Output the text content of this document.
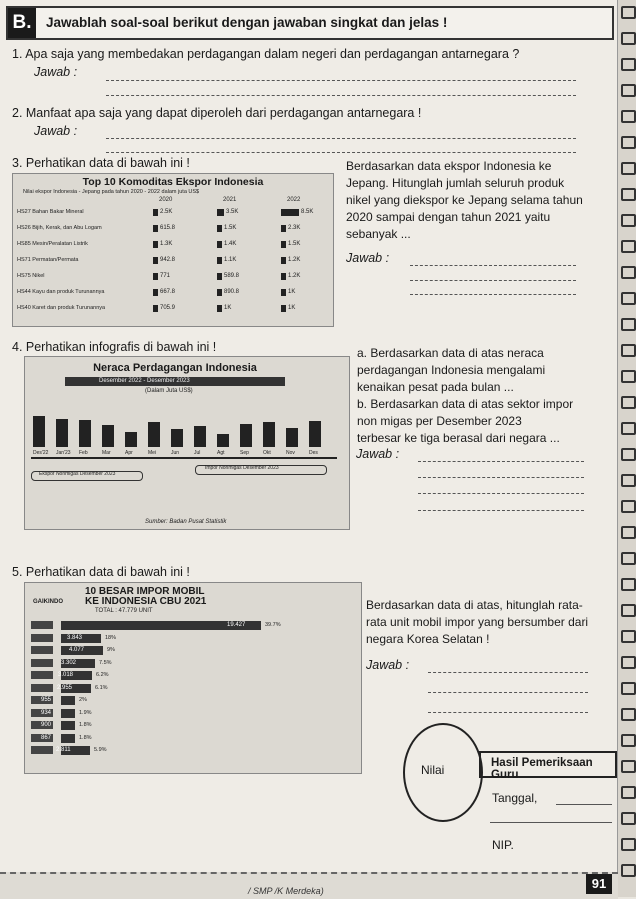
B.	Jawablah soal-soal berikut dengan jawaban singkat dan jelas !
1. Apa saja yang membedakan perdagangan dalam negeri dan perdagangan antarnegara ?
Jawab :
2. Manfaat apa saja yang dapat diperoleh dari perdagangan antarnegara !
Jawab :
3. Perhatikan data di bawah ini !
Top 10 Komoditas Ekspor Indonesia
Nilai ekspor Indonesia - Jepang pada tahun 2020 - 2022 dalam juta US$
2020	2021	2022
HS27 Bahan Bakar Mineral	2.5K	3.5K	8.5K
HS26 Bijih, Kerak, dan Abu Logam	615.8	1.5K	2.3K
HS85 Mesin/Peralatan Listrik	1.3K	1.4K	1.5K
HS71 Permatan/Permata	942.8	1.1K	1.2K
HS75 Nikel	771	589.8	1.2K
HS44 Kayu dan produk Turunannya	667.8	890.8	1K
HS40 Karet dan produk Turunannya	705.9	1K	1K
Berdasarkan data ekspor Indonesia ke
Jepang. Hitunglah jumlah seluruh produk
nikel yang diekspor ke Jepang selama tahun
2020 sampai dengan tahun 2021 yaitu
sebanyak ...
Jawab :
4. Perhatikan infografis di bawah ini !
Neraca Perdagangan Indonesia
Desember 2022 - Desember 2023
(Dalam Juta US$)
Des'22 Jan'23 Feb	Mar	Apr	Mei	Jun	Jul	Agt	Sep	Okt	Nov	Des
Ekspor Nonmigas Desember 2023
Impor Nonmigas Desember 2023
Sumber: Badan Pusat Statistik
a. Berdasarkan data di atas neraca
perdagangan Indonesia mengalami
kenaikan pesat pada bulan ...
b. Berdasarkan data di atas sektor impor
non migas per Desember 2023
terbesar ke tiga berasal dari negara ...
Jawab :
5. Perhatikan data di bawah ini !
10 BESAR IMPOR MOBIL
KE INDONESIA CBU 2021
GAIKINDO
TOTAL : 47.779 UNIT
19.427	39.7%
3.843	18%
4.077	9%
3.302	7.5%
3.018	6.2%
2.955	6.1%
955	2%
934	1.9%
900	1.8%
867	1.8%
2.811	5.9%
Berdasarkan data di atas, hitunglah rata-
rata unit mobil impor yang bersumber dari
negara Korea Selatan !
Jawab :
Nilai	Hasil Pemeriksaan Guru
Tanggal,
NIP.
/ SMP /K Merdeka)	91
